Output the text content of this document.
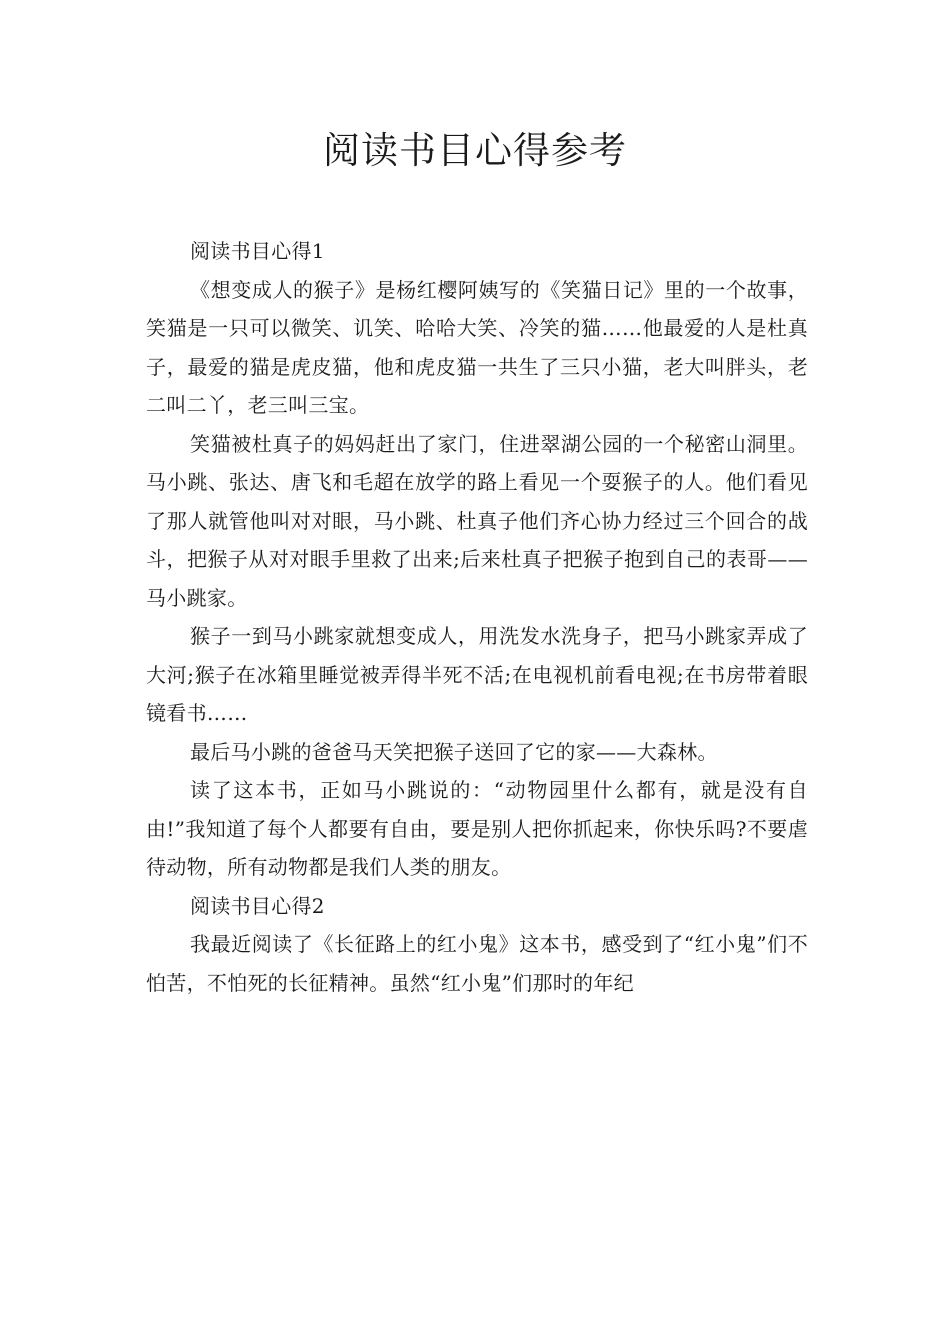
阅读书目心得参考

阅读书目心得1

《想变成人的猴子》是杨红樱阿姨写的《笑猫日记》里的一个故事，笑猫是一只可以微笑、讥笑、哈哈大笑、冷笑的猫……他最爱的人是杜真子，最爱的猫是虎皮猫，他和虎皮猫一共生了三只小猫，老大叫胖头，老二叫二丫，老三叫三宝。

笑猫被杜真子的妈妈赶出了家门，住进翠湖公园的一个秘密山洞里。马小跳、张达、唐飞和毛超在放学的路上看见一个耍猴子的人。他们看见了那人就管他叫对对眼，马小跳、杜真子他们齐心协力经过三个回合的战斗，把猴子从对对眼手里救了出来;后来杜真子把猴子抱到自己的表哥——马小跳家。

猴子一到马小跳家就想变成人，用洗发水洗身子，把马小跳家弄成了大河;猴子在冰箱里睡觉被弄得半死不活;在电视机前看电视;在书房带着眼镜看书……

最后马小跳的爸爸马天笑把猴子送回了它的家——大森林。

读了这本书，正如马小跳说的：“动物园里什么都有，就是没有自由!”我知道了每个人都要有自由，要是别人把你抓起来，你快乐吗?不要虐待动物，所有动物都是我们人类的朋友。

阅读书目心得2

我最近阅读了《长征路上的红小鬼》这本书，感受到了“红小鬼”们不怕苦，不怕死的长征精神。虽然“红小鬼”们那时的年纪
